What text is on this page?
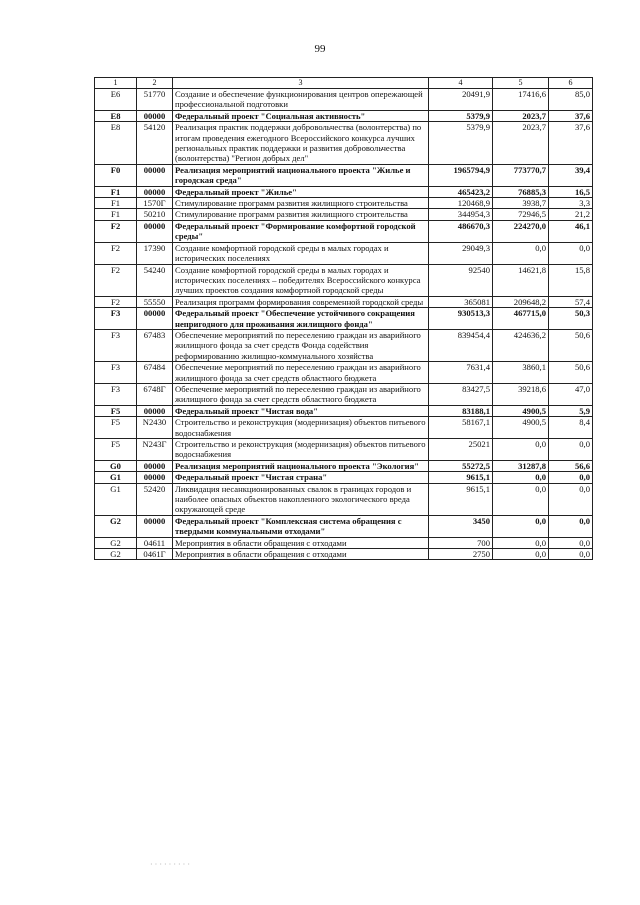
99
1	2	3	4	5	6
E6	51770	Создание и обеспечение функционирования центров опережающей профессиональной подготовки	20491,9	17416,6	85,0
E8	00000	Федеральный проект "Социальная активность"	5379,9	2023,7	37,6
E8	54120	Реализация практик поддержки добровольчества (волонтерства) по итогам проведения ежегодного Всероссийского конкурса лучших региональных практик поддержки и развития добровольчества (волонтерства) "Регион добрых дел"	5379,9	2023,7	37,6
F0	00000	Реализация мероприятий национального проекта "Жилье и городская среда"	1965794,9	773770,7	39,4
F1	00000	Федеральный проект "Жилье"	465423,2	76885,3	16,5
F1	1570Г	Стимулирование программ развития жилищного строительства	120468,9	3938,7	3,3
F1	50210	Стимулирование программ развития жилищного строительства	344954,3	72946,5	21,2
F2	00000	Федеральный проект "Формирование комфортной городской среды"	486670,3	224270,0	46,1
F2	17390	Создание комфортной городской среды в малых городах и исторических поселениях	29049,3	0,0	0,0
F2	54240	Создание комфортной городской среды в малых городах и исторических поселениях – победителях Всероссийского конкурса лучших проектов создания комфортной городской среды	92540	14621,8	15,8
F2	55550	Реализация программ формирования современной городской среды	365081	209648,2	57,4
F3	00000	Федеральный проект "Обеспечение устойчивого сокращения непригодного для проживания жилищного фонда"	930513,3	467715,0	50,3
F3	67483	Обеспечение мероприятий по переселению граждан из аварийного жилищного фонда за счет средств Фонда содействия реформированию жилищно-коммунального хозяйства	839454,4	424636,2	50,6
F3	67484	Обеспечение мероприятий по переселению граждан из аварийного жилищного фонда за счет средств областного бюджета	7631,4	3860,1	50,6
F3	6748Г	Обеспечение мероприятий по переселению граждан из аварийного жилищного фонда за счет средств областного бюджета	83427,5	39218,6	47,0
F5	00000	Федеральный проект "Чистая вода"	83188,1	4900,5	5,9
F5	N2430	Строительство и реконструкция (модернизация) объектов питьевого водоснабжения	58167,1	4900,5	8,4
F5	N243Г	Строительство и реконструкция (модернизация) объектов питьевого водоснабжения	25021	0,0	0,0
G0	00000	Реализация мероприятий национального проекта "Экология"	55272,5	31287,8	56,6
G1	00000	Федеральный проект "Чистая страна"	9615,1	0,0	0,0
G1	52420	Ликвидация несанкционированных свалок в границах городов и наиболее опасных объектов накопленного экологического вреда окружающей среде	9615,1	0,0	0,0
G2	00000	Федеральный проект "Комплексная система обращения с твердыми коммунальными отходами"	3450	0,0	0,0
G2	04611	Мероприятия в области обращения с отходами	700	0,0	0,0
G2	0461Г	Мероприятия в области обращения с отходами	2750	0,0	0,0
· · · · · · · · ·
